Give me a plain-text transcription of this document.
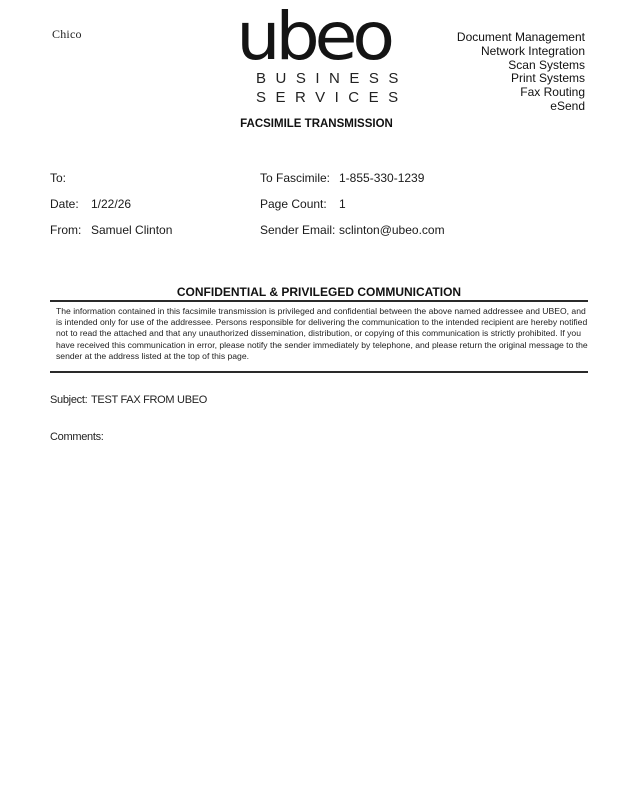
Chico ubeo
BUSINESS
SERVICES
FACSIMILE TRANSMISSION
Document Management
Network Integration
Scan Systems
Print Systems
Fax Routing
eSend
To:
Date: 1/22/26
From: Samuel Clinton
To Fascimile: 1-855-330-1239
Page Count: 1
Sender Email: sclinton@ubeo.com
CONFIDENTIAL & PRIVILEGED COMMUNICATION
The information contained in this facsimile transmission is privileged and confidential between the above named addressee and UBEO, and is intended only for use of the addressee. Persons responsible for delivering the communication to the intended recipient are hereby notified not to read the attached and that any unauthorized dissemination, distribution, or copying of this communication is strictly prohibited. If you have received this communication in error, please notify the sender immediately by telephone, and please return the original message to the sender at the address listed at the top of this page.
Subject: TEST FAX FROM UBEO
Comments:
